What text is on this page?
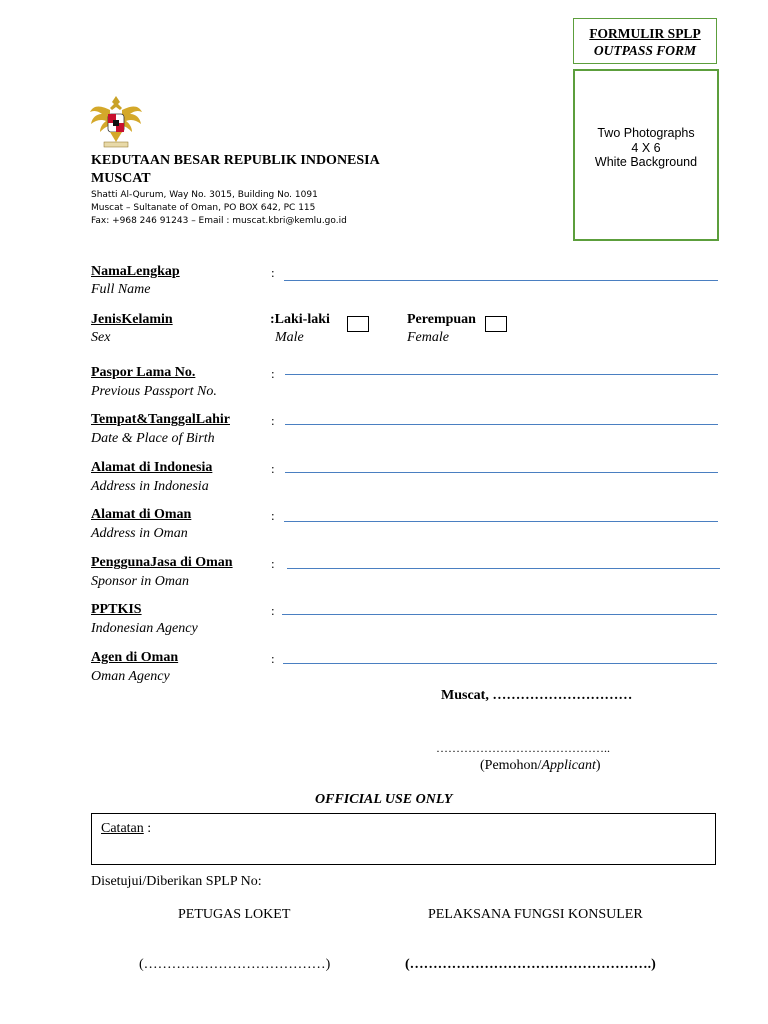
FORMULIR SPLP
OUTPASS FORM
Two Photographs
4 X 6
White Background
KEDUTAAN BESAR REPUBLIK INDONESIA
MUSCAT
Shatti Al-Qurum, Way No. 3015, Building No. 1091
Muscat – Sultanate of Oman, PO BOX 642, PC 115
Fax: +968 246 91243 – Email : muscat.kbri@kemlu.go.id
NamaLengkap
Full Name
:
JenisKelamin
Sex
:Laki-laki
Male
Perempuan
Female
Paspor Lama No.
Previous Passport No.
:
Tempat&TanggalLahir
Date & Place of Birth
:
Alamat di Indonesia
Address in Indonesia
:
Alamat di Oman
Address in Oman
:
PenggunaJasa di Oman
Sponsor in Oman
:
PPTKIS
Indonesian Agency
:
Agen di Oman
Oman Agency
:
Muscat, …………………………
……………………………………..
(Pemohon/Applicant)
OFFICIAL USE ONLY
Catatan :
Disetujui/Diberikan SPLP No:
PETUGAS LOKET	PELAKSANA FUNGSI KONSULER
(…………………………………)	(…………………………………………….)
